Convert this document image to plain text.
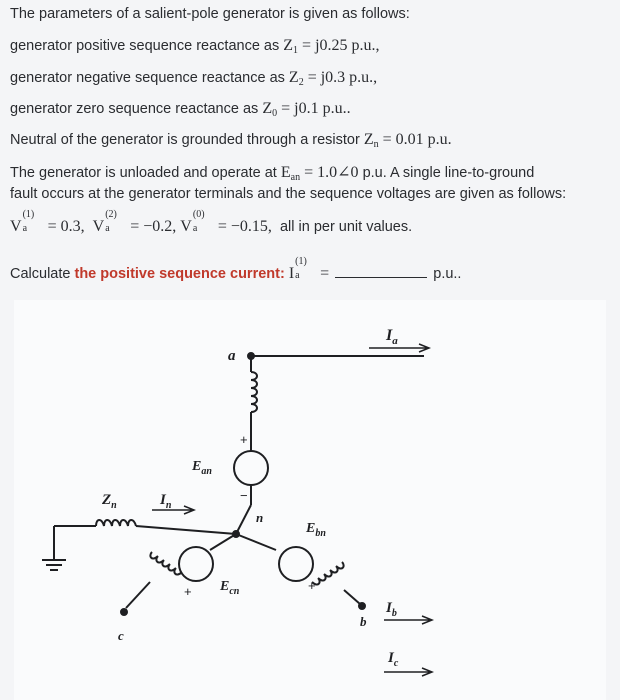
The parameters of a salient-pole generator is given as follows:
generator positive sequence reactance as $Z_1 = j0.25$ p.u.,
generator negative sequence reactance as $Z_2 = j0.3$ p.u.,
generator zero sequence reactance as $Z_0 = j0.1$ p.u..
Neutral of the generator is grounded through a resistor $Z_n = 0.01$ p.u.
The generator is unloaded and operate at $E_{an}$ = 1.0∠0 p.u. A single line-to-ground
fault occurs at the generator terminals and the sequence voltages are given as follows:
V
(1)
a = 0.3, V
(2)
a = −0.2, V
(0)
a = −0.15, all in per unit values.
Calculate the positive sequence current: I
(1)
a =	p.u..
a
n
c
b
$I_a$
$I_b$
$I_c$
$I_n$
$Z_n$
$E_{an}$
$E_{bn}$
$E_{cn}$
+
−
+	+
